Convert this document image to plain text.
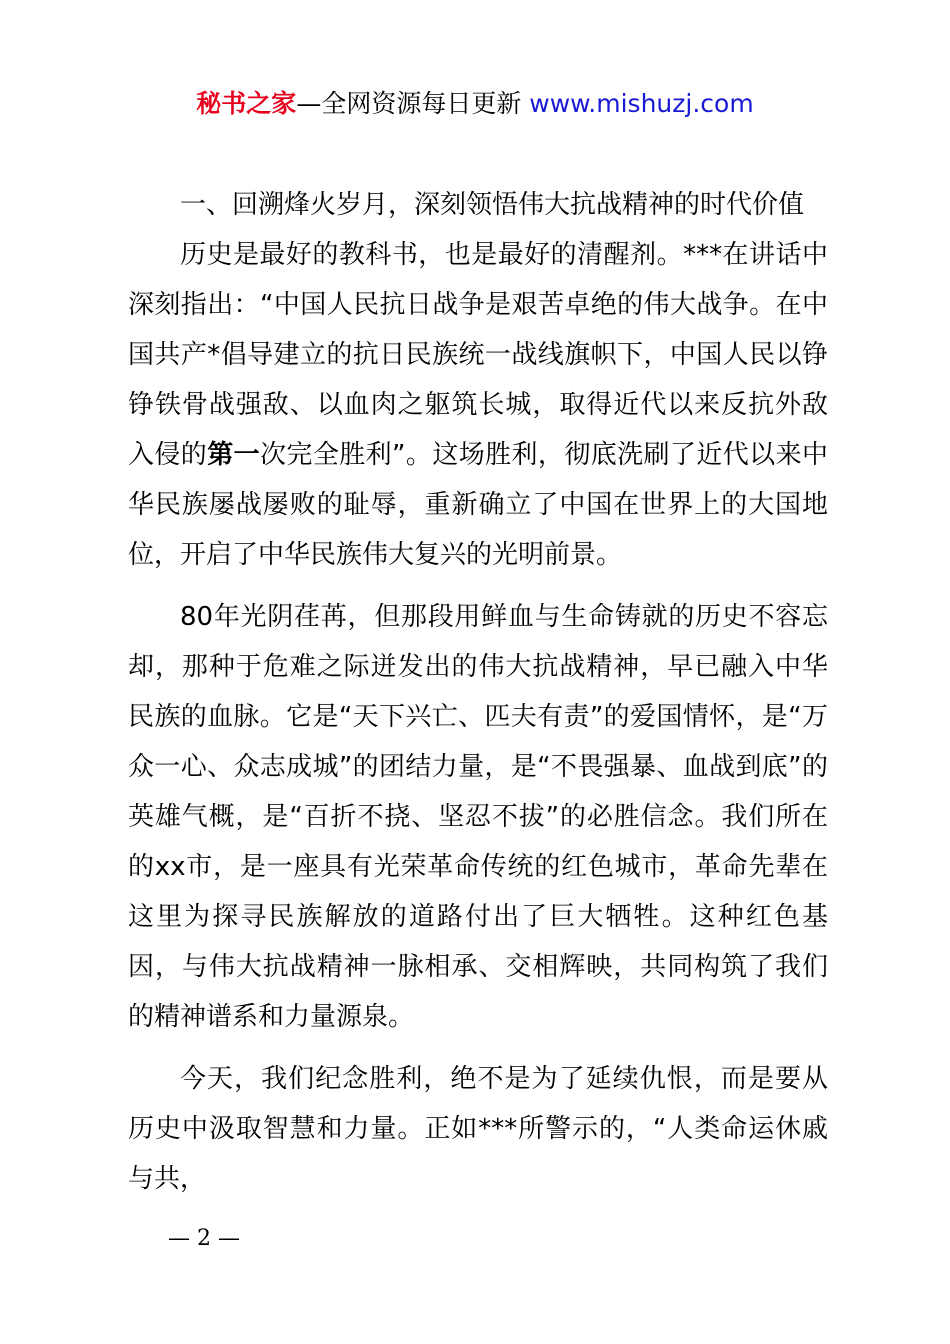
秘书之家—全网资源每日更新 www.mishuzj.com

一、回溯烽火岁月，深刻领悟伟大抗战精神的时代价值

历史是最好的教科书，也是最好的清醒剂。***在讲话中深刻指出：“中国人民抗日战争是艰苦卓绝的伟大战争。在中国共产*倡导建立的抗日民族统一战线旗帜下，中国人民以铮铮铁骨战强敌、以血肉之躯筑长城，取得近代以来反抗外敌入侵的第一次完全胜利”。这场胜利，彻底洗刷了近代以来中华民族屡战屡败的耻辱，重新确立了中国在世界上的大国地位，开启了中华民族伟大复兴的光明前景。

80年光阴荏苒，但那段用鲜血与生命铸就的历史不容忘却，那种于危难之际迸发出的伟大抗战精神，早已融入中华民族的血脉。它是“天下兴亡、匹夫有责”的爱国情怀，是“万众一心、众志成城”的团结力量，是“不畏强暴、血战到底”的英雄气概，是“百折不挠、坚忍不拔”的必胜信念。我们所在的xx市，是一座具有光荣革命传统的红色城市，革命先辈在这里为探寻民族解放的道路付出了巨大牺牲。这种红色基因，与伟大抗战精神一脉相承、交相辉映，共同构筑了我们的精神谱系和力量源泉。

今天，我们纪念胜利，绝不是为了延续仇恨，而是要从历史中汲取智慧和力量。正如***所警示的，“人类命运休戚与共，

— 2 —
